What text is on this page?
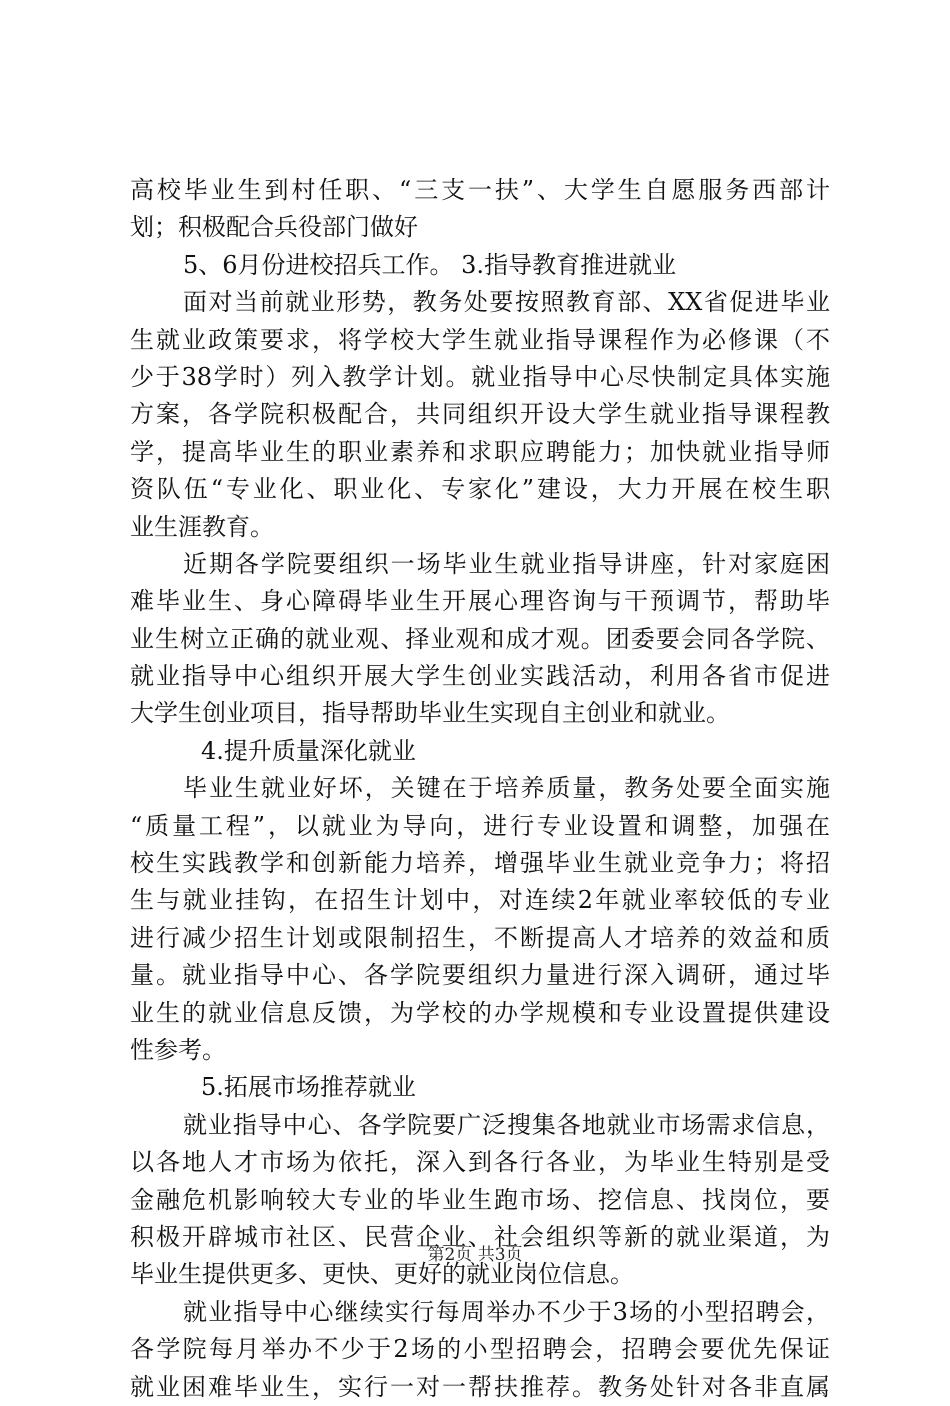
高校毕业生到村任职、“三支一扶”、大学生自愿服务西部计
划；积极配合兵役部门做好
5、6月份进校招兵工作。 3.指导教育推进就业
面对当前就业形势，教务处要按照教育部、XX省促进毕业
生就业政策要求，将学校大学生就业指导课程作为必修课（不
少于38学时）列入教学计划。就业指导中心尽快制定具体实施
方案，各学院积极配合，共同组织开设大学生就业指导课程教
学，提高毕业生的职业素养和求职应聘能力；加快就业指导师
资队伍“专业化、职业化、专家化”建设，大力开展在校生职
业生涯教育。
近期各学院要组织一场毕业生就业指导讲座，针对家庭困
难毕业生、身心障碍毕业生开展心理咨询与干预调节，帮助毕
业生树立正确的就业观、择业观和成才观。团委要会同各学院、
就业指导中心组织开展大学生创业实践活动，利用各省市促进
大学生创业项目，指导帮助毕业生实现自主创业和就业。
4.提升质量深化就业
毕业生就业好坏，关键在于培养质量，教务处要全面实施
“质量工程”，以就业为导向，进行专业设置和调整，加强在
校生实践教学和创新能力培养，增强毕业生就业竞争力；将招
生与就业挂钩，在招生计划中，对连续2年就业率较低的专业
进行减少招生计划或限制招生，不断提高人才培养的效益和质
量。就业指导中心、各学院要组织力量进行深入调研，通过毕
业生的就业信息反馈，为学校的办学规模和专业设置提供建设
性参考。
5.拓展市场推荐就业
就业指导中心、各学院要广泛搜集各地就业市场需求信息，
以各地人才市场为依托，深入到各行各业，为毕业生特别是受
金融危机影响较大专业的毕业生跑市场、挖信息、找岗位，要
积极开辟城市社区、民营企业、社会组织等新的就业渠道，为
毕业生提供更多、更快、更好的就业岗位信息。
就业指导中心继续实行每周举办不少于3场的小型招聘会，
各学院每月举办不少于2场的小型招聘会，招聘会要优先保证
就业困难毕业生，实行一对一帮扶推荐。教务处针对各非直属
第2页 共3页
